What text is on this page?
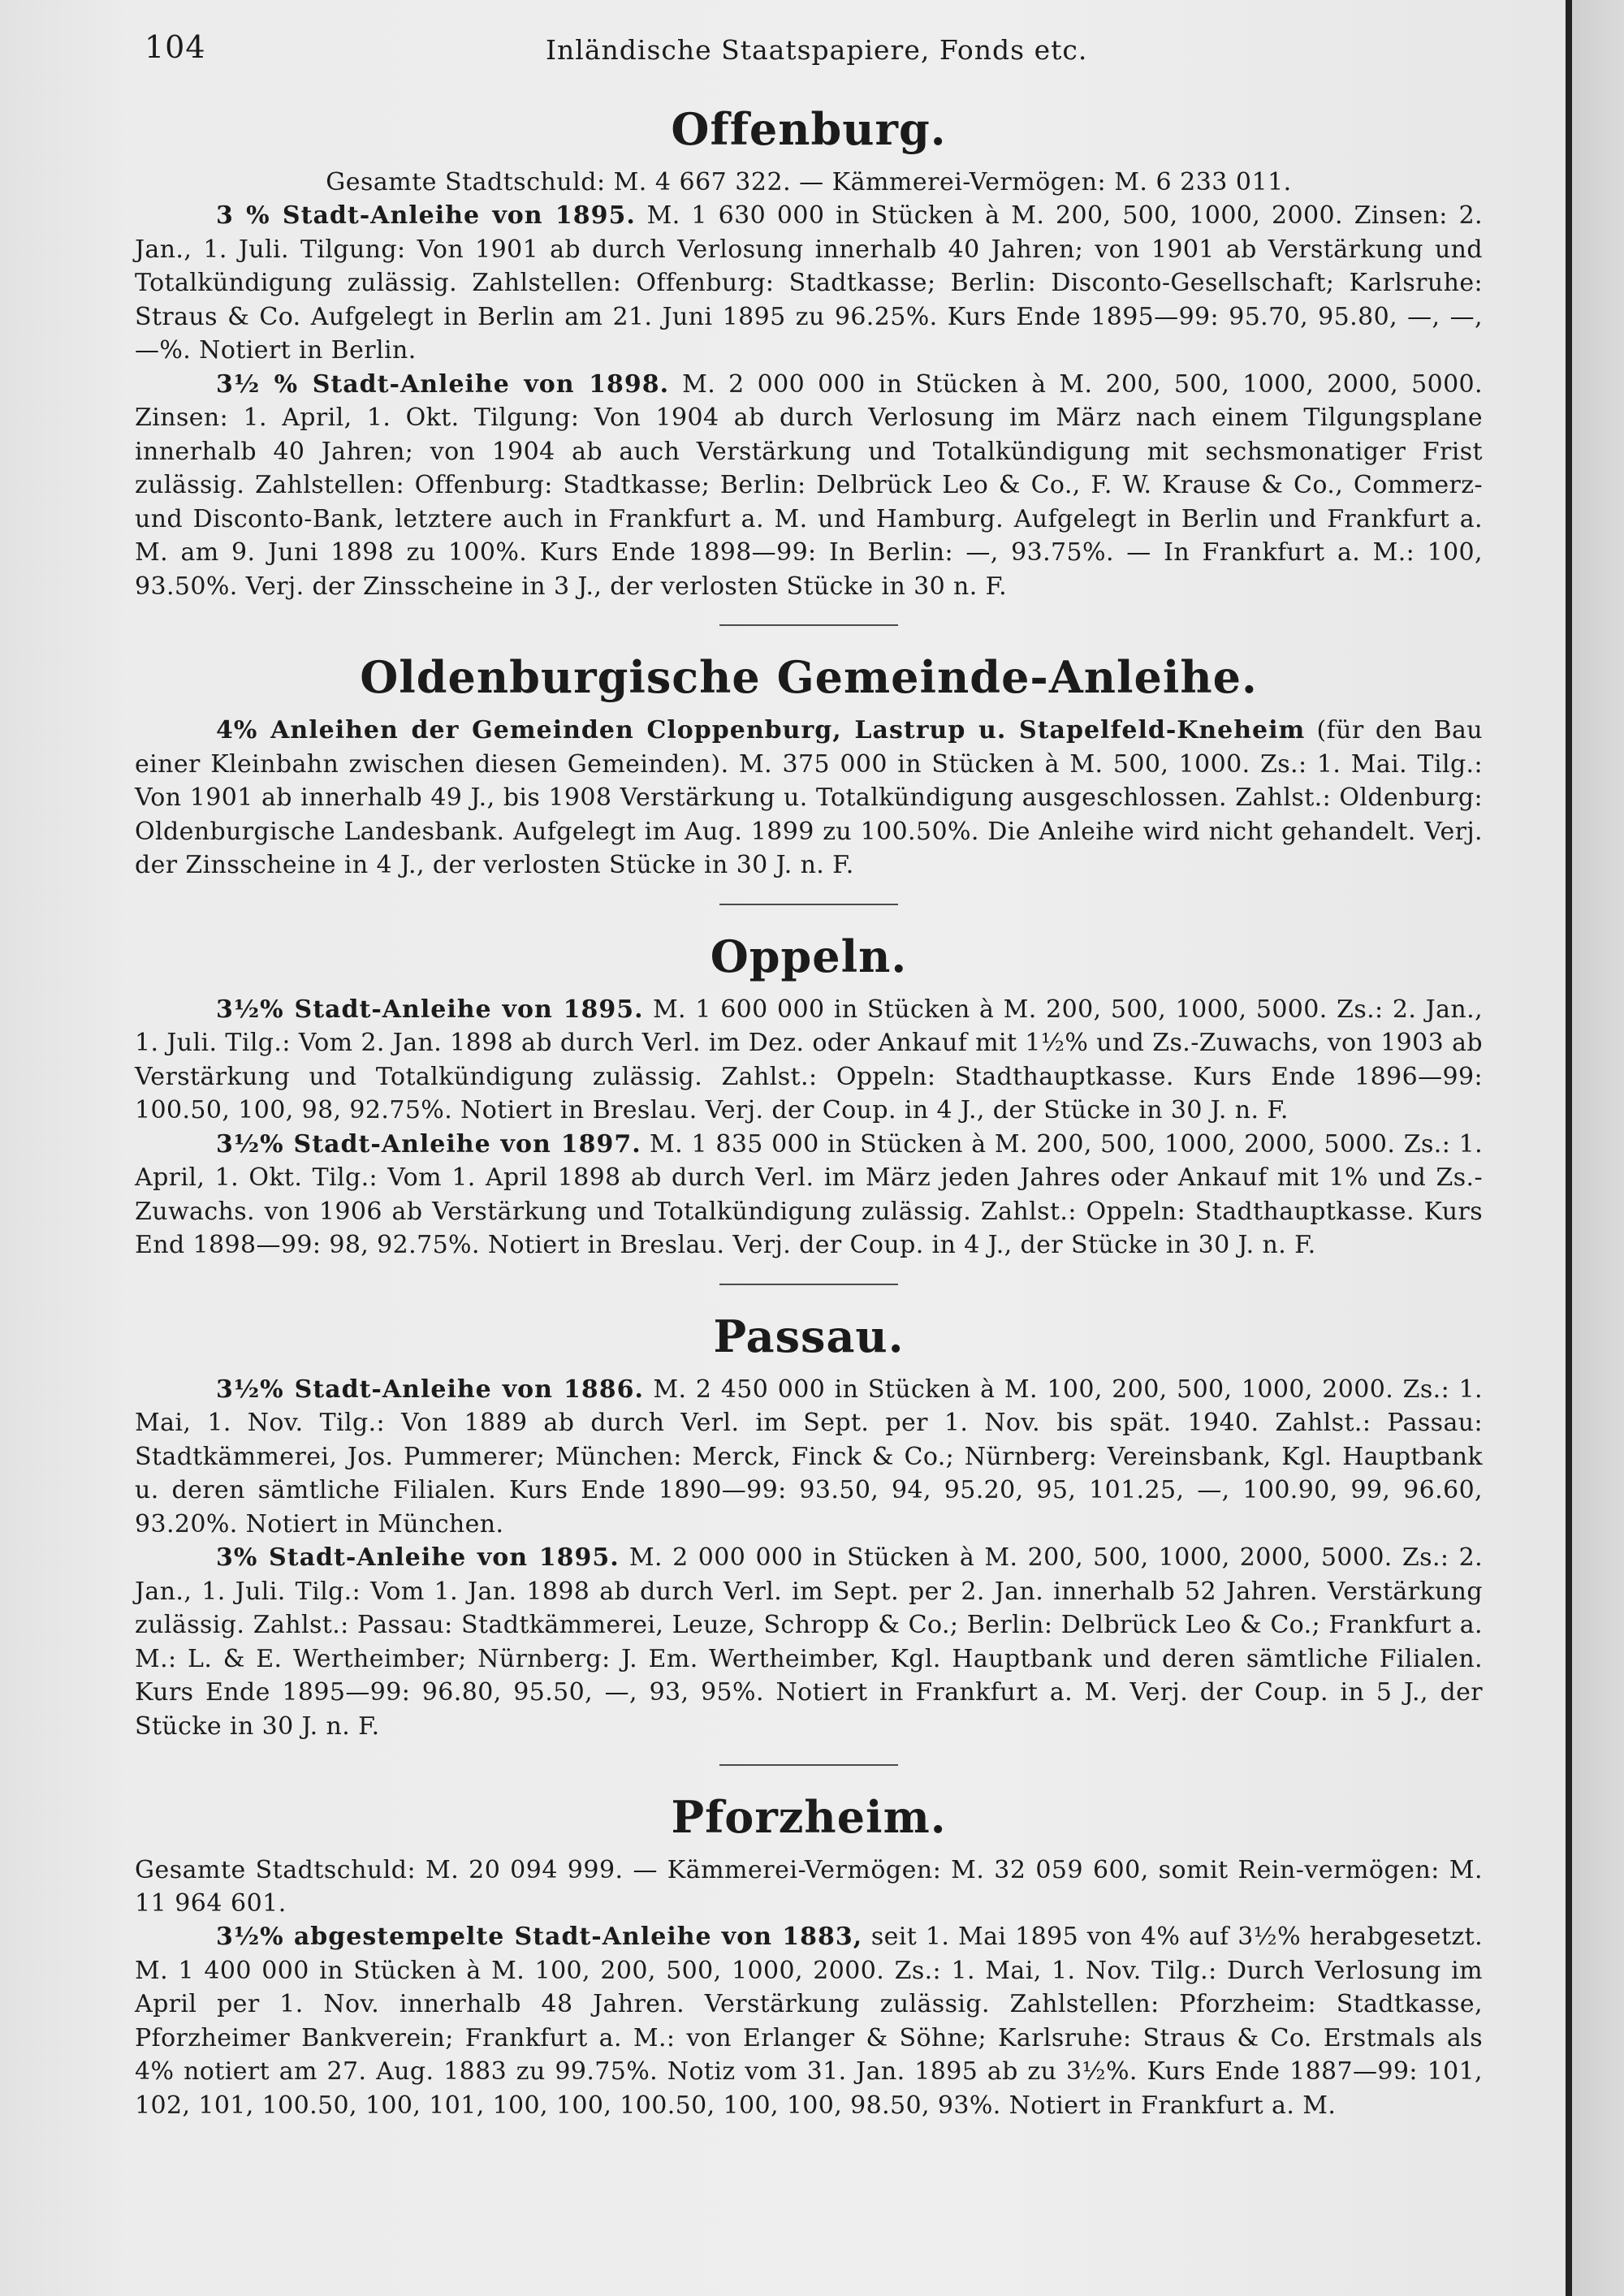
104	Inländische Staatspapiere, Fonds etc.
Offenburg.
Gesamte Stadtschuld: M. 4 667 322. — Kämmerei-Vermögen: M. 6 233 011.

3 % Stadt-Anleihe von 1895. M. 1 630 000 in Stücken à M. 200, 500, 1000, 2000. Zinsen: 2. Jan., 1. Juli. Tilgung: Von 1901 ab durch Verlosung innerhalb 40 Jahren; von 1901 ab Verstärkung und Totalkündigung zulässig. Zahlstellen: Offenburg: Stadtkasse; Berlin: Disconto-Gesellschaft; Karlsruhe: Straus & Co. Aufgelegt in Berlin am 21. Juni 1895 zu 96.25%. Kurs Ende 1895—99: 95.70, 95.80, —, —, —%. Notiert in Berlin.

3½ % Stadt-Anleihe von 1898. M. 2 000 000 in Stücken à M. 200, 500, 1000, 2000, 5000. Zinsen: 1. April, 1. Okt. Tilgung: Von 1904 ab durch Verlosung im März nach einem Tilgungsplane innerhalb 40 Jahren; von 1904 ab auch Verstärkung und Totalkündigung mit sechsmonatiger Frist zulässig. Zahlstellen: Offenburg: Stadtkasse; Berlin: Delbrück Leo & Co., F. W. Krause & Co., Commerz- und Disconto-Bank, letztere auch in Frankfurt a. M. und Hamburg. Aufgelegt in Berlin und Frankfurt a. M. am 9. Juni 1898 zu 100%. Kurs Ende 1898—99: In Berlin: —, 93.75%. — In Frankfurt a. M.: 100, 93.50%. Verj. der Zinsscheine in 3 J., der verlosten Stücke in 30 n. F.

Oldenburgische Gemeinde-Anleihe.

4% Anleihen der Gemeinden Cloppenburg, Lastrup u. Stapelfeld-Kneheim (für den Bau einer Kleinbahn zwischen diesen Gemeinden). M. 375 000 in Stücken à M. 500, 1000. Zs.: 1. Mai. Tilg.: Von 1901 ab innerhalb 49 J., bis 1908 Verstärkung u. Totalkündigung ausgeschlossen. Zahlst.: Oldenburg: Oldenburgische Landesbank. Aufgelegt im Aug. 1899 zu 100.50%. Die Anleihe wird nicht gehandelt. Verj. der Zinsscheine in 4 J., der verlosten Stücke in 30 J. n. F.

Oppeln.

3½% Stadt-Anleihe von 1895. M. 1 600 000 in Stücken à M. 200, 500, 1000, 5000. Zs.: 2. Jan., 1. Juli. Tilg.: Vom 2. Jan. 1898 ab durch Verl. im Dez. oder Ankauf mit 1½% und Zs.-Zuwachs, von 1903 ab Verstärkung und Totalkündigung zulässig. Zahlst.: Oppeln: Stadthauptkasse. Kurs Ende 1896—99: 100.50, 100, 98, 92.75%. Notiert in Breslau. Verj. der Coup. in 4 J., der Stücke in 30 J. n. F.

3½% Stadt-Anleihe von 1897. M. 1 835 000 in Stücken à M. 200, 500, 1000, 2000, 5000. Zs.: 1. April, 1. Okt. Tilg.: Vom 1. April 1898 ab durch Verl. im März jeden Jahres oder Ankauf mit 1% und Zs.-Zuwachs. von 1906 ab Verstärkung und Totalkündigung zulässig. Zahlst.: Oppeln: Stadthauptkasse. Kurs End 1898—99: 98, 92.75%. Notiert in Breslau. Verj. der Coup. in 4 J., der Stücke in 30 J. n. F.

Passau.

3½% Stadt-Anleihe von 1886. M. 2 450 000 in Stücken à M. 100, 200, 500, 1000, 2000. Zs.: 1. Mai, 1. Nov. Tilg.: Von 1889 ab durch Verl. im Sept. per 1. Nov. bis spät. 1940. Zahlst.: Passau: Stadtkämmerei, Jos. Pummerer; München: Merck, Finck & Co.; Nürnberg: Vereinsbank, Kgl. Hauptbank u. deren sämtliche Filialen. Kurs Ende 1890—99: 93.50, 94, 95.20, 95, 101.25, —, 100.90, 99, 96.60, 93.20%. Notiert in München.

3% Stadt-Anleihe von 1895. M. 2 000 000 in Stücken à M. 200, 500, 1000, 2000, 5000. Zs.: 2. Jan., 1. Juli. Tilg.: Vom 1. Jan. 1898 ab durch Verl. im Sept. per 2. Jan. innerhalb 52 Jahren. Verstärkung zulässig. Zahlst.: Passau: Stadtkämmerei, Leuze, Schropp & Co.; Berlin: Delbrück Leo & Co.; Frankfurt a. M.: L. & E. Wertheimber; Nürnberg: J. Em. Wertheimber, Kgl. Hauptbank und deren sämtliche Filialen. Kurs Ende 1895—99: 96.80, 95.50, —, 93, 95%. Notiert in Frankfurt a. M. Verj. der Coup. in 5 J., der Stücke in 30 J. n. F.

Pforzheim.
Gesamte Stadtschuld: M. 20 094 999. — Kämmerei-Vermögen: M. 32 059 600, somit Rein-vermögen: M. 11 964 601.

3½% abgestempelte Stadt-Anleihe von 1883, seit 1. Mai 1895 von 4% auf 3½% herabgesetzt. M. 1 400 000 in Stücken à M. 100, 200, 500, 1000, 2000. Zs.: 1. Mai, 1. Nov. Tilg.: Durch Verlosung im April per 1. Nov. innerhalb 48 Jahren. Verstärkung zulässig. Zahlstellen: Pforzheim: Stadtkasse, Pforzheimer Bankverein; Frankfurt a. M.: von Erlanger & Söhne; Karlsruhe: Straus & Co. Erstmals als 4% notiert am 27. Aug. 1883 zu 99.75%. Notiz vom 31. Jan. 1895 ab zu 3½%. Kurs Ende 1887—99: 101, 102, 101, 100.50, 100, 101, 100, 100, 100.50, 100, 100, 98.50, 93%. Notiert in Frankfurt a. M.
